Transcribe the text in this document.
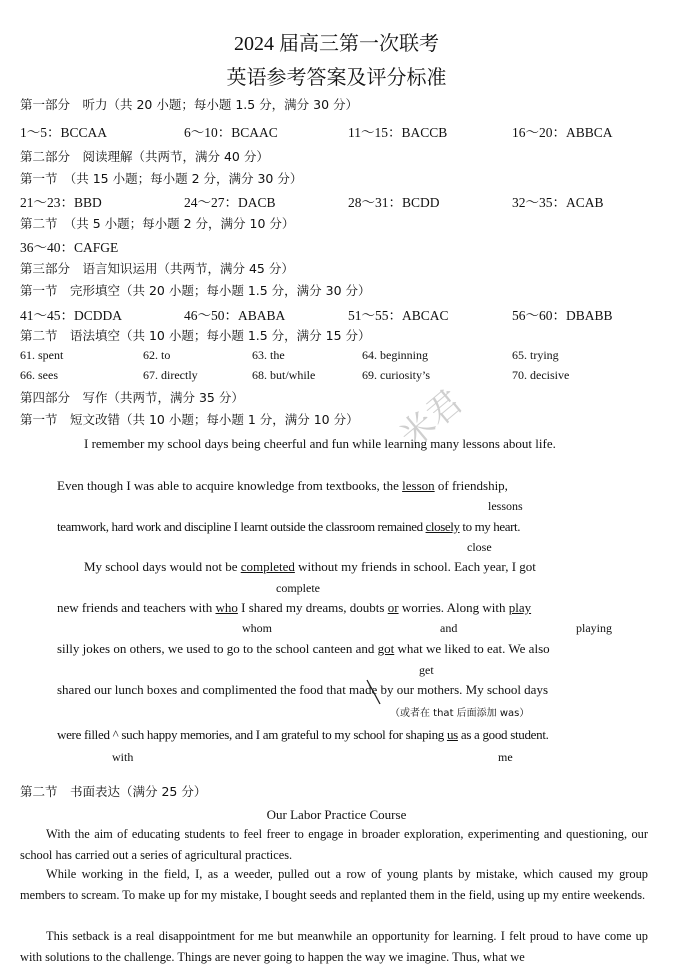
2024 届高三第一次联考
英语参考答案及评分标准
第一部分　听力（共 20 小题；每小题 1.5 分，满分 30 分）
1～5：BCCAA	6～10：BCAAC	11～15：BACCB	16～20：ABBCA
第二部分　阅读理解（共两节，满分 40 分）
第一节　（共 15 小题；每小题 2 分，满分 30 分）
21～23：BBD	24～27：DACB	28～31：BCDD	32～35：ACAB
第二节　（共 5 小题；每小题 2 分，满分 10 分）
36～40：CAFGE
第三部分　语言知识运用（共两节，满分 45 分）
第一节　完形填空（共 20 小题；每小题 1.5 分，满分 30 分）
41～45：DCDDA	46～50：ABABA	51～55：ABCAC	56～60：DBABB
第二节　语法填空（共 10 小题；每小题 1.5 分，满分 15 分）
61. spent	62. to	63. the	64. beginning	65. trying
66. sees	67. directly	68. but/while	69. curiosity’s	70. decisive
第四部分　写作（共两节，满分 35 分）
第一节　短文改错（共 10 小题；每小题 1 分，满分 10 分） 米君
I remember my school days being cheerful and fun while learning many lessons about life.
Even though I was able to acquire knowledge from textbooks, the lesson of friendship,
lessons
teamwork, hard work and discipline I learnt outside the classroom remained closely to my heart.
close
My school days would not be completed without my friends in school. Each year, I got
complete
new friends and teachers with who I shared my dreams, doubts or worries. Along with play
whom	and	playing
silly jokes on others, we used to go to the school canteen and got what we liked to eat. We also
get
shared our lunch boxes and complimented the food that made by our mothers. My school days
（或者在 that 后面添加 was）
were filled ^ such happy memories, and I am grateful to my school for shaping us as a good student.
with	me
第二节　书面表达（满分 25 分）
Our Labor Practice Course
With the aim of educating students to feel freer to engage in broader exploration, experimenting and questioning, our school has carried out a series of agricultural practices.
While working in the field, I, as a weeder, pulled out a row of young plants by mistake, which caused my group members to scream. To make up for my mistake, I bought seeds and replanted them in the field, using up my entire weekends.
This setback is a real disappointment for me but meanwhile an opportunity for learning. I felt proud to have come up with solutions to the challenge. Things are never going to happen the way we imagine. Thus, what we
